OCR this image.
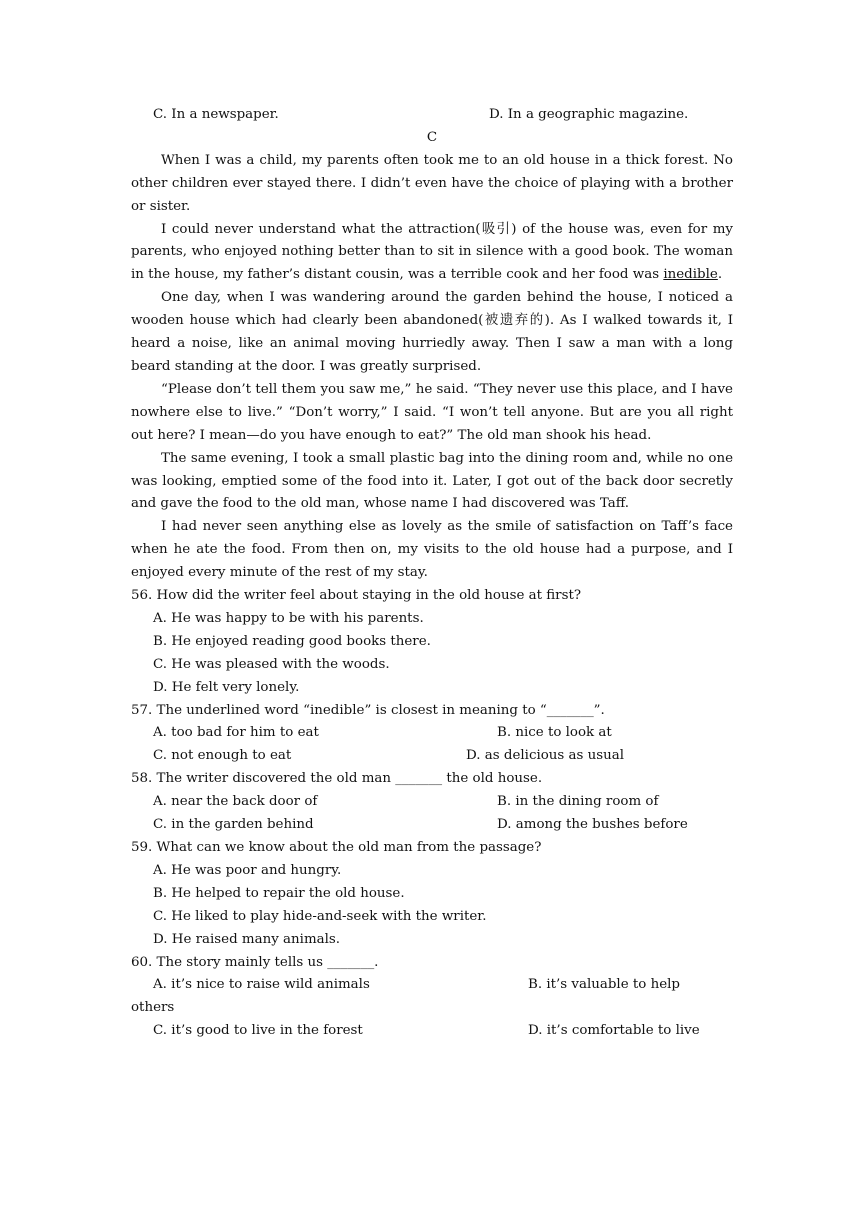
C. In a newspaper.	D. In a geographic magazine.
C

When I was a child, my parents often took me to an old house in a thick forest. No other children ever stayed there. I didn’t even have the choice of playing with a brother or sister.

I could never understand what the attraction(吸引) of the house was, even for my parents, who enjoyed nothing better than to sit in silence with a good book. The woman in the house, my father’s distant cousin, was a terrible cook and her food was inedible.

One day, when I was wandering around the garden behind the house, I noticed a wooden house which had clearly been abandoned(被遗弃的). As I walked towards it, I heard a noise, like an animal moving hurriedly away. Then I saw a man with a long beard standing at the door. I was greatly surprised.

“Please don’t tell them you saw me,” he said. “They never use this place, and I have nowhere else to live.” “Don’t worry,” I said. “I won’t tell anyone. But are you all right out here? I mean—do you have enough to eat?” The old man shook his head.

The same evening, I took a small plastic bag into the dining room and, while no one was looking, emptied some of the food into it. Later, I got out of the back door secretly and gave the food to the old man, whose name I had discovered was Taff.

I had never seen anything else as lovely as the smile of satisfaction on Taff’s face when he ate the food. From then on, my visits to the old house had a purpose, and I enjoyed every minute of the rest of my stay.

56. How did the writer feel about staying in the old house at first?

A. He was happy to be with his parents.

B. He enjoyed reading good books there.

C. He was pleased with the woods.

D. He felt very lonely.

57. The underlined word “inedible” is closest in meaning to “_______”.

A. too bad for him to eat	B. nice to look at
C. not enough to eat	D. as delicious as usual

58. The writer discovered the old man _______ the old house.

A. near the back door of	B. in the dining room of
C. in the garden behind	D. among the bushes before

59. What can we know about the old man from the passage?

A. He was poor and hungry.

B. He helped to repair the old house.

C. He liked to play hide-and-seek with the writer.

D. He raised many animals.

60. The story mainly tells us _______.

A. it’s nice to raise wild animals	B. it’s valuable to help

others

C. it’s good to live in the forest	D. it’s comfortable to live
